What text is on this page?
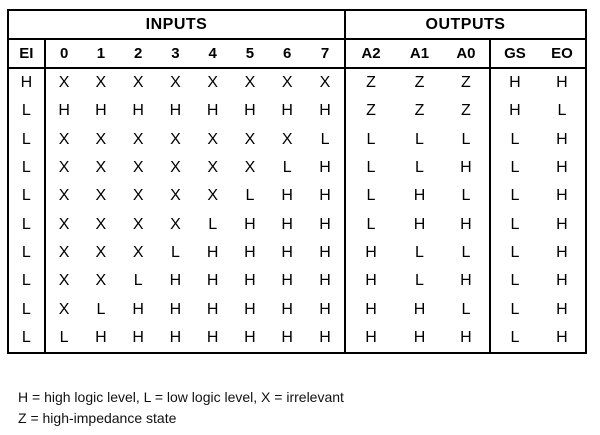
INPUTS									OUTPUTS				
EI	0	1	2	3	4	5	6	7	A2	A1	A0	GS	EO
H	X	X	X	X	X	X	X	X	Z	Z	Z	H	H
L	H	H	H	H	H	H	H	H	Z	Z	Z	H	L
L	X	X	X	X	X	X	X	L	L	L	L	L	H
L	X	X	X	X	X	X	L	H	L	L	H	L	H
L	X	X	X	X	X	L	H	H	L	H	L	L	H
L	X	X	X	X	L	H	H	H	L	H	H	L	H
L	X	X	X	L	H	H	H	H	H	L	L	L	H
L	X	X	L	H	H	H	H	H	H	L	H	L	H
L	X	L	H	H	H	H	H	H	H	H	L	L	H
L	L	H	H	H	H	H	H	H	H	H	H	L	H
H = high logic level, L = low logic level, X = irrelevant
Z = high-impedance state
